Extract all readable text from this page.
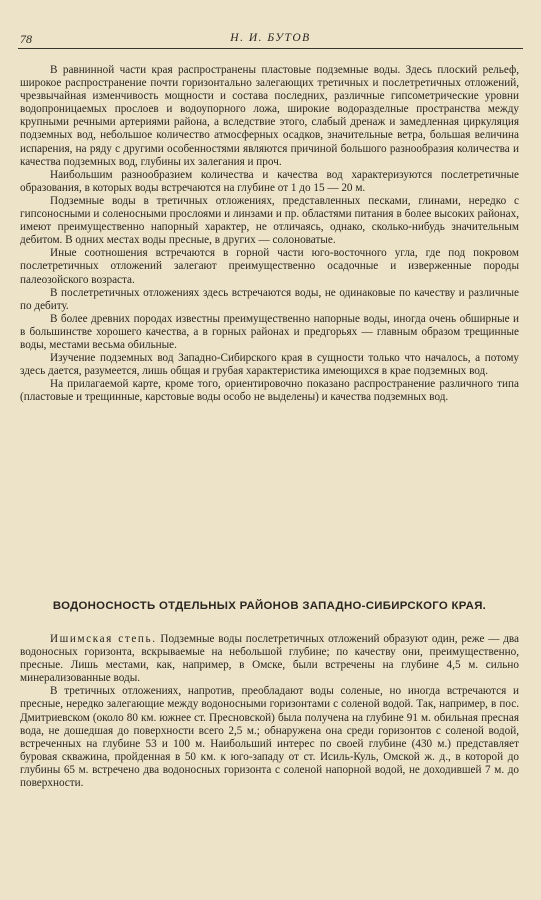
78	Н. И. БУТОВ

В равнинной части края распространены пластовые подземные воды. Здесь плоский рельеф, широкое распространение почти горизонтально залегающих третичных и послетретичных отложений, чрезвычайная изменчивость мощности и состава последних, различные гипсометрические уровни водопроницаемых прослоев и водоупорного ложа, широкие водоразделные пространства между крупными речными артериями района, а вследствие этого, слабый дренаж и замедленная циркуляция подземных вод, небольшое количество атмосферных осадков, значительные ветра, большая величина испарения, на ряду с другими особенностями являются причиной большого разнообразия количества и качества подземных вод, глубины их залегания и проч.

Наибольшим разнообразием количества и качества вод характеризуются послетретичные образования, в которых воды встречаются на глубине от 1 до 15 — 20 м.

Подземные воды в третичных отложениях, представленных песками, глинами, нередко с гипсоносными и соленосными прослоями и линзами и пр. областями питания в более высоких районах, имеют преимущественно напорный характер, не отличаясь, однако, сколько-нибудь значительным дебитом. В одних местах воды пресные, в других — солоноватые.

Иные соотношения встречаются в горной части юго-восточного угла, где под покровом послетретичных отложений залегают преимущественно осадочные и изверженные породы палеозойского возраста.

В послетретичных отложениях здесь встречаются воды, не одинаковые по качеству и различные по дебиту.

В более древних породах известны преимущественно напорные воды, иногда очень обширные и в большинстве хорошего качества, а в горных районах и предгорьях — главным образом трещинные воды, местами весьма обильные.

Изучение подземных вод Западно-Сибирского края в сущности только что началось, а потому здесь дается, разумеется, лишь общая и грубая характеристика имеющихся в крае подземных вод.

На прилагаемой карте, кроме того, ориентировочно показано распространение различного типа (пластовые и трещинные, карстовые воды особо не выделены) и качества подземных вод.

ВОДОНОСНОСТЬ ОТДЕЛЬНЫХ РАЙОНОВ ЗАПАДНО-СИБИРСКОГО КРАЯ.

Ишимская степь. Подземные воды послетретичных отложений образуют один, реже — два водоносных горизонта, вскрываемые на небольшой глубине; по качеству они, преимущественно, пресные. Лишь местами, как, например, в Омске, были встречены на глубине 4,5 м. сильно минерализованные воды.

В третичных отложениях, напротив, преобладают воды соленые, но иногда встречаются и пресные, нередко залегающие между водоносными горизонтами с соленой водой. Так, например, в пос. Дмитриевском (около 80 км. южнее ст. Пресновской) была получена на глубине 91 м. обильная пресная вода, не дошедшая до поверхности всего 2,5 м.; обнаружена она среди горизонтов с соленой водой, встреченных на глубине 53 и 100 м. Наибольший интерес по своей глубине (430 м.) представляет буровая скважина, пройденная в 50 км. к юго-западу от ст. Исиль-Куль, Омской ж. д., в которой до глубины 65 м. встречено два водоносных горизонта с соленой напорной водой, не доходившей 7 м. до поверхности.
